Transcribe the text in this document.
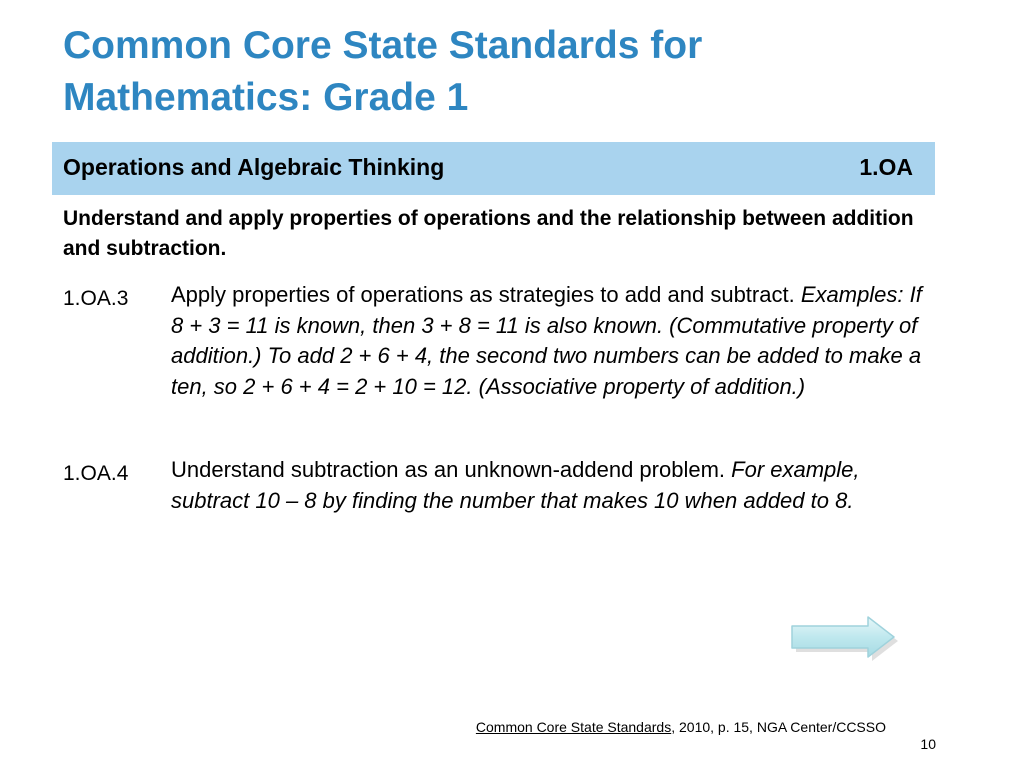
Common Core State Standards for
Mathematics: Grade 1
Operations and Algebraic Thinking	1.OA
Understand and apply properties of operations and the relationship between addition and subtraction.
1.OA.3 Apply properties of operations as strategies to add and subtract. Examples: If 8 + 3 = 11 is known, then 3 + 8 = 11 is also known. (Commutative property of addition.) To add 2 + 6 + 4, the second two numbers can be added to make a ten, so 2 + 6 + 4 = 2 + 10 = 12. (Associative property of addition.)
1.OA.4 Understand subtraction as an unknown-addend problem. For example, subtract 10 – 8 by finding the number that makes 10 when added to 8.
Common Core State Standards, 2010, p. 15, NGA Center/CCSSO
10
